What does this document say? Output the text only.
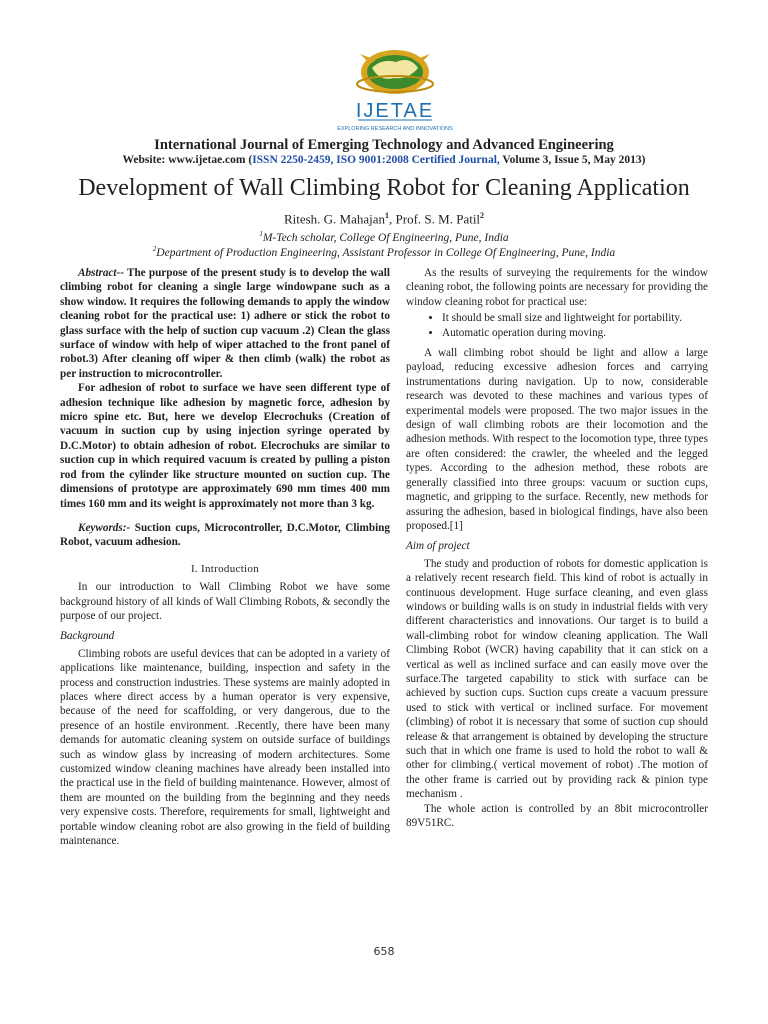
IJETAE
EXPLORING RESEARCH AND INNOVATIONS
International Journal of Emerging Technology and Advanced Engineering
Website: www.ijetae.com (ISSN 2250-2459, ISO 9001:2008 Certified Journal, Volume 3, Issue 5, May 2013)
Development of Wall Climbing Robot for Cleaning Application
Ritesh. G. Mahajan$^1$, Prof. S. M. Patil$^2$
$^1$M-Tech scholar, College Of Engineering, Pune, India
$^2$Department of Production Engineering, Assistant Professor in College Of Engineering, Pune, India

Abstract-- The purpose of the present study is to develop the wall climbing robot for cleaning a single large windowpane such as a show window. It requires the following demands to apply the window cleaning robot for the practical use: 1) adhere or stick the robot to glass surface with the help of suction cup vacuum .2) Clean the glass surface of window with help of wiper attached to the front panel of robot.3) After cleaning off wiper & then climb (walk) the robot as per instruction to microcontroller.

For adhesion of robot to surface we have seen different type of adhesion technique like adhesion by magnetic force, adhesion by micro spine etc. But, here we develop Elecrochuks (Creation of vacuum in suction cup by using injection syringe operated by D.C.Motor) to obtain adhesion of robot. Elecrochuks are similar to suction cup in which required vacuum is created by pulling a piston rod from the cylinder like structure mounted on suction cup. The dimensions of prototype are approximately 690 mm times 400 mm times 160 mm and its weight is approximately not more than 3 kg.

Keywords:- Suction cups, Microcontroller, D.C.Motor, Climbing Robot, vacuum adhesion.

I. Introduction

In our introduction to Wall Climbing Robot we have some background history of all kinds of Wall Climbing Robots, & secondly the purpose of our project.

Background

Climbing robots are useful devices that can be adopted in a variety of applications like maintenance, building, inspection and safety in the process and construction industries. These systems are mainly adopted in places where direct access by a human operator is very expensive, because of the need for scaffolding, or very dangerous, due to the presence of an hostile environment. .Recently, there have been many demands for automatic cleaning system on outside surface of buildings such as window glass by increasing of modern architectures. Some customized window cleaning machines have already been installed into the practical use in the field of building maintenance. However, almost of them are mounted on the building from the beginning and they needs very expensive costs. Therefore, requirements for small, lightweight and portable window cleaning robot are also growing in the field of building maintenance.

As the results of surveying the requirements for the window cleaning robot, the following points are necessary for providing the window cleaning robot for practical use:

• It should be small size and lightweight for portability.
• Automatic operation during moving.

A wall climbing robot should be light and allow a large payload, reducing excessive adhesion forces and carrying instrumentations during navigation. Up to now, considerable research was devoted to these machines and various types of experimental models were proposed. The two major issues in the design of wall climbing robots are their locomotion and the adhesion methods. With respect to the locomotion type, three types are often considered: the crawler, the wheeled and the legged types. According to the adhesion method, these robots are generally classified into three groups: vacuum or suction cups, magnetic, and gripping to the surface. Recently, new methods for assuring the adhesion, based in biological findings, have also been proposed.[1]

Aim of project

The study and production of robots for domestic application is a relatively recent research field. This kind of robot is actually in continuous development. Huge surface cleaning, and even glass windows or building walls is on study in industrial fields with very different characteristics and innovations. Our target is to build a wall-climbing robot for window cleaning application. The Wall Climbing Robot (WCR) having capability that it can stick on a vertical as well as inclined surface and can easily move over the surface.The targeted capability to stick with surface can be achieved by suction cups. Suction cups create a vacuum pressure used to stick with vertical or inclined surface. For movement (climbing) of robot it is necessary that some of suction cup should release & that arrangement is obtained by developing the structure such that in which one frame is used to hold the robot to wall & other for climbing.( vertical movement of robot) .The motion of the other frame is carried out by providing rack & pinion type mechanism .

The whole action is controlled by an 8bit microcontroller 89V51RC.

658
